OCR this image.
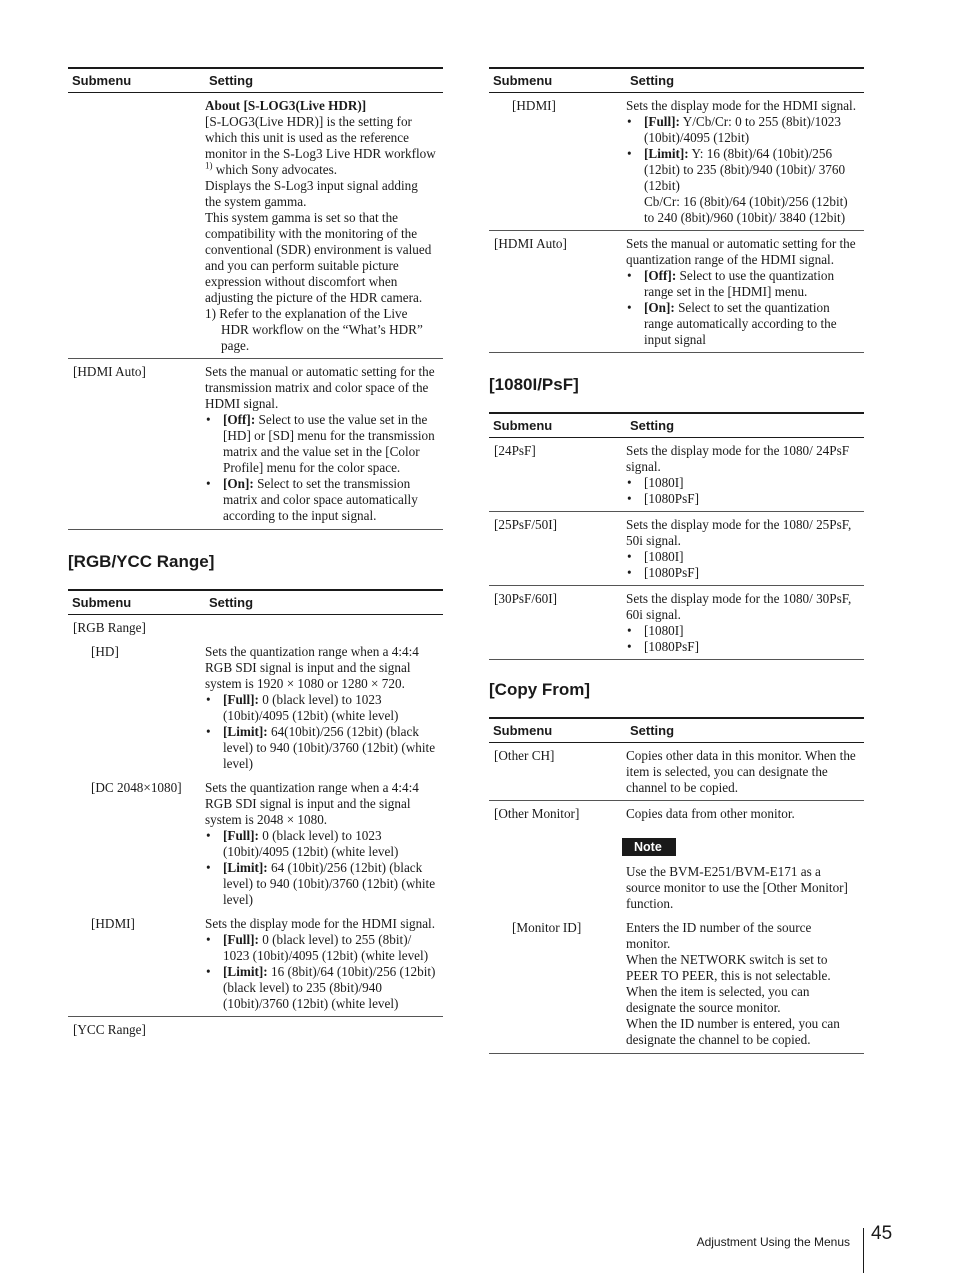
Submenu	Setting

About [S-LOG3(Live HDR)]

[S-LOG3(Live HDR)] is the setting for which this unit is used as the reference monitor in the S-Log3 Live HDR workflow $^{1)}$ which Sony advocates.

Displays the S-Log3 input signal adding the system gamma.

This system gamma is set so that the compatibility with the monitoring of the conventional (SDR) environment is valued and you can perform suitable picture expression without discomfort when adjusting the picture of the HDR camera.

1) Refer to the explanation of the Live HDR workflow on the “What’s HDR” page.

[HDMI Auto]	Sets the manual or automatic setting for the transmission matrix and color space of the HDMI signal.

• [Off]: Select to use the value set in the [HD] or [SD] menu for the transmission matrix and the value set in the [Color Profile] menu for the color space.
• [On]: Select to set the transmission matrix and color space automatically according to the input signal.
[RGB/YCC Range]
Submenu	Setting
[RGB Range]
[HD]	Sets the quantization range when a 4:4:4 RGB SDI signal is input and the signal system is 1920 × 1080 or 1280 × 720.

• [Full]: 0 (black level) to 1023 (10bit)/4095 (12bit) (white level)
• [Limit]: 64(10bit)/256 (12bit) (black level) to 940 (10bit)/3760 (12bit) (white level)
[DC 2048×1080]	Sets the quantization range when a 4:4:4 RGB SDI signal is input and the signal system is 2048 × 1080.

• [Full]: 0 (black level) to 1023 (10bit)/4095 (12bit) (white level)
• [Limit]: 64 (10bit)/256 (12bit) (black level) to 940 (10bit)/3760 (12bit) (white level)
[HDMI]	Sets the display mode for the HDMI signal.

• [Full]: 0 (black level) to 255 (8bit)/ 1023 (10bit)/4095 (12bit) (white level)
• [Limit]: 16 (8bit)/64 (10bit)/256 (12bit) (black level) to 235 (8bit)/940 (10bit)/3760 (12bit) (white level)
[YCC Range]
Submenu	Setting
[HDMI]	Sets the display mode for the HDMI signal.

• [Full]: Y/Cb/Cr: 0 to 255 (8bit)/1023 (10bit)/4095 (12bit)
• [Limit]: Y: 16 (8bit)/64 (10bit)/256 (12bit) to 235 (8bit)/940 (10bit)/ 3760 (12bit)
Cb/Cr: 16 (8bit)/64 (10bit)/256 (12bit) to 240 (8bit)/960 (10bit)/ 3840 (12bit)
[HDMI Auto]	Sets the manual or automatic setting for the quantization range of the HDMI signal.

• [Off]: Select to use the quantization range set in the [HDMI] menu.
• [On]: Select to set the quantization range automatically according to the input signal
[1080I/PsF]
Submenu	Setting
[24PsF]	Sets the display mode for the 1080/ 24PsF signal.

• [1080I]
• [1080PsF]
[25PsF/50I]	Sets the display mode for the 1080/ 25PsF, 50i signal.

• [1080I]
• [1080PsF]
[30PsF/60I]	Sets the display mode for the 1080/ 30PsF, 60i signal.

• [1080I]
• [1080PsF]
[Copy From]
Submenu	Setting
[Other CH]	Copies other data in this monitor. When the item is selected, you can designate the channel to be copied.
[Other Monitor]	Copies data from other monitor.

Note

Use the BVM-E251/BVM-E171 as a source monitor to use the [Other Monitor] function.

[Monitor ID]	Enters the ID number of the source monitor.

When the NETWORK switch is set to PEER TO PEER, this is not selectable.

When the item is selected, you can designate the source monitor.

When the ID number is entered, you can designate the channel to be copied.

Adjustment Using the Menus 45
